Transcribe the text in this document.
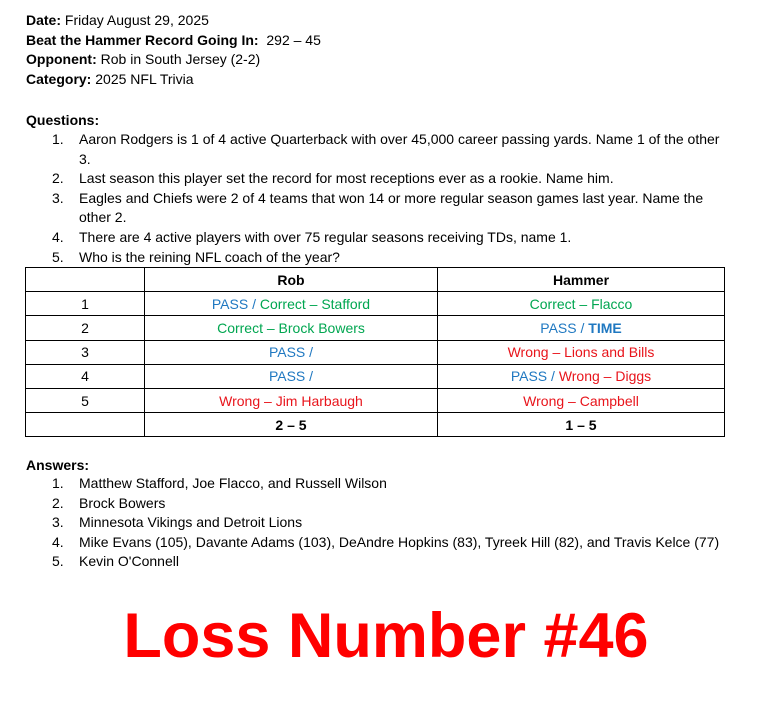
Date: Friday August 29, 2025
Beat the Hammer Record Going In:  292 – 45
Opponent: Rob in South Jersey (2-2)
Category: 2025 NFL Trivia
Questions:
1.	Aaron Rodgers is 1 of 4 active Quarterback with over 45,000 career passing yards. Name 1 of the other 3.
2.	Last season this player set the record for most receptions ever as a rookie. Name him.
3.	Eagles and Chiefs were 2 of 4 teams that won 14 or more regular season games last year. Name the other 2.
4.	There are 4 active players with over 75 regular seasons receiving TDs, name 1.
5.	Who is the reining NFL coach of the year?
	Rob	Hammer
1	PASS / Correct – Stafford	Correct – Flacco
2	Correct – Brock Bowers	PASS / TIME
3	PASS /	Wrong – Lions and Bills
4	PASS /	PASS / Wrong – Diggs
5	Wrong – Jim Harbaugh	Wrong – Campbell
	2 – 5	1 – 5
Answers:
1.	Matthew Stafford, Joe Flacco, and Russell Wilson
2.	Brock Bowers
3.	Minnesota Vikings and Detroit Lions
4.	Mike Evans (105), Davante Adams (103), DeAndre Hopkins (83), Tyreek Hill (82), and Travis Kelce (77)
5.	Kevin O'Connell
Loss Number #46
